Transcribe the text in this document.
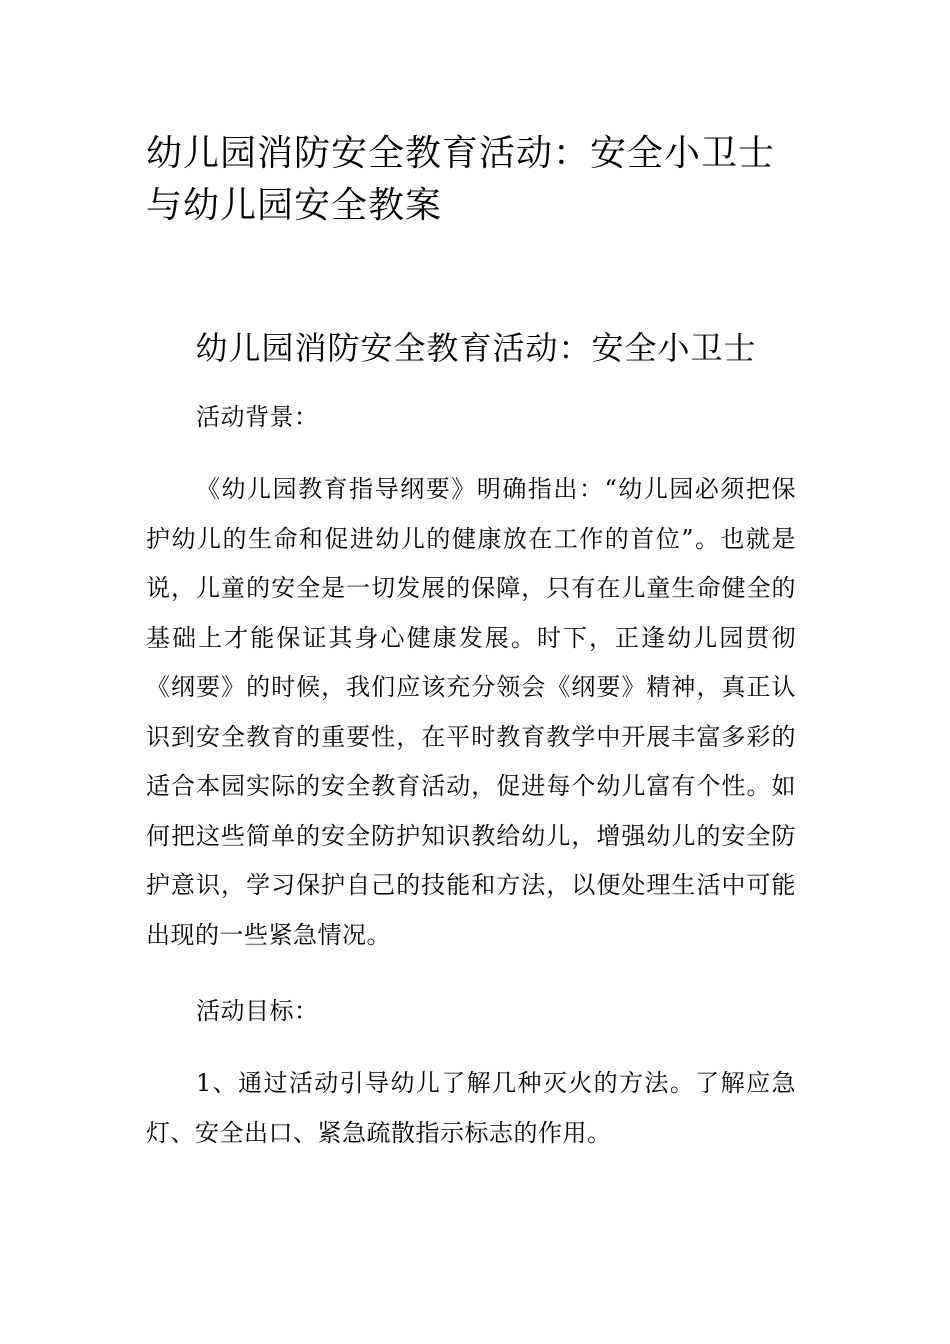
幼儿园消防安全教育活动：安全小卫士与幼儿园安全教案
幼儿园消防安全教育活动：安全小卫士

活动背景：

《幼儿园教育指导纲要》明确指出：“幼儿园必须把保护幼儿的生命和促进幼儿的健康放在工作的首位”。也就是说，儿童的安全是一切发展的保障，只有在儿童生命健全的基础上才能保证其身心健康发展。时下，正逢幼儿园贯彻《纲要》的时候，我们应该充分领会《纲要》精神，真正认识到安全教育的重要性，在平时教育教学中开展丰富多彩的适合本园实际的安全教育活动，促进每个幼儿富有个性。如何把这些简单的安全防护知识教给幼儿，增强幼儿的安全防护意识，学习保护自己的技能和方法，以便处理生活中可能出现的一些紧急情况。

活动目标：

1、通过活动引导幼儿了解几种灭火的方法。了解应急灯、安全出口、紧急疏散指示标志的作用。
